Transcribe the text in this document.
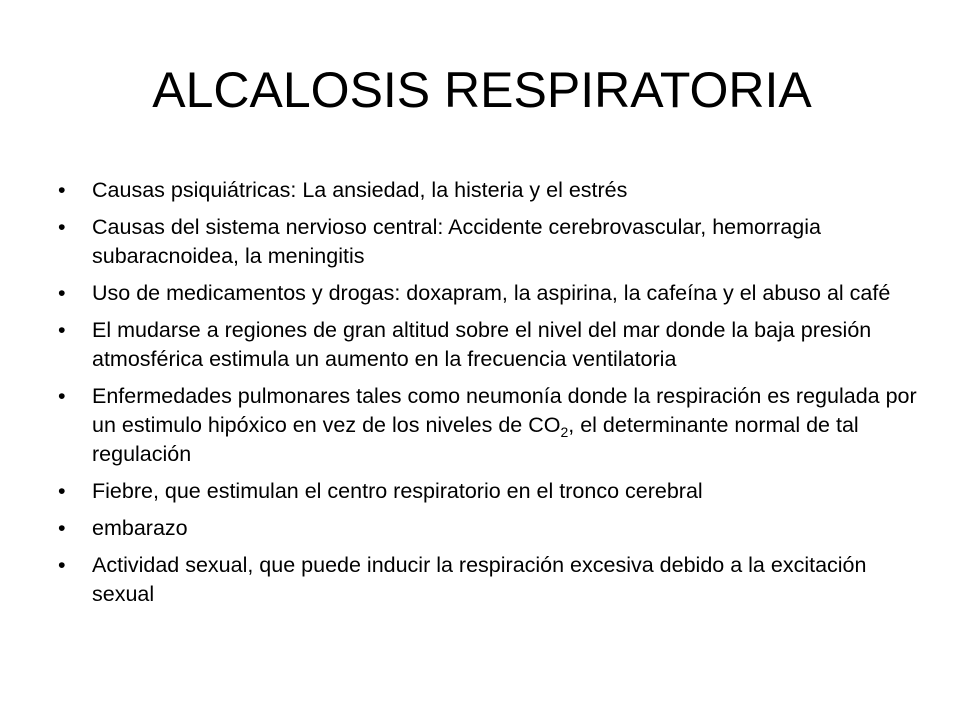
ALCALOSIS RESPIRATORIA
•	Causas psiquiátricas: La ansiedad, la histeria y el estrés
•	Causas del sistema nervioso central: Accidente cerebrovascular, hemorragia subaracnoidea, la meningitis
•	Uso de medicamentos y drogas: doxapram, la aspirina, la cafeína y el abuso al café
•	El mudarse a regiones de gran altitud sobre el nivel del mar donde la baja presión atmosférica estimula un aumento en la frecuencia ventilatoria
•	Enfermedades pulmonares tales como neumonía donde la respiración es regulada por un estimulo hipóxico en vez de los niveles de $CO_2$, el determinante normal de tal regulación
•	Fiebre, que estimulan el centro respiratorio en el tronco cerebral
•	embarazo
•	Actividad sexual, que puede inducir la respiración excesiva debido a la excitación sexual
